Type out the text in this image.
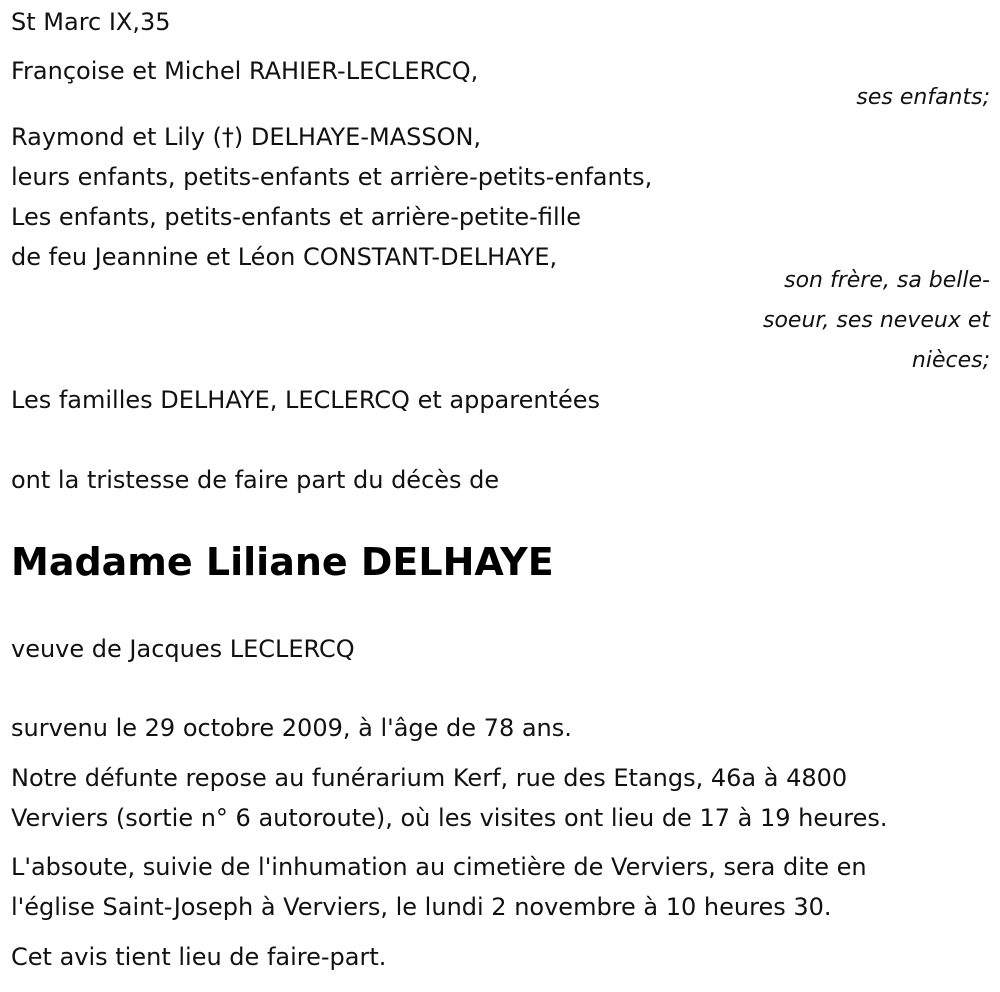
St Marc IX,35
Françoise et Michel RAHIER-LECLERCQ,
ses enfants;
Raymond et Lily (†) DELHAYE-MASSON,
leurs enfants, petits-enfants et arrière-petits-enfants,
Les enfants, petits-enfants et arrière-petite-fille
de feu Jeannine et Léon CONSTANT-DELHAYE,
son frère, sa belle-
soeur, ses neveux et
nièces;
Les familles DELHAYE, LECLERCQ et apparentées
ont la tristesse de faire part du décès de
Madame Liliane DELHAYE
veuve de Jacques LECLERCQ
survenu le 29 octobre 2009, à l'âge de 78 ans.
Notre défunte repose au funérarium Kerf, rue des Etangs, 46a à 4800
Verviers (sortie n° 6 autoroute), où les visites ont lieu de 17 à 19 heures.
L'absoute, suivie de l'inhumation au cimetière de Verviers, sera dite en
l'église Saint-Joseph à Verviers, le lundi 2 novembre à 10 heures 30.
Cet avis tient lieu de faire-part.
